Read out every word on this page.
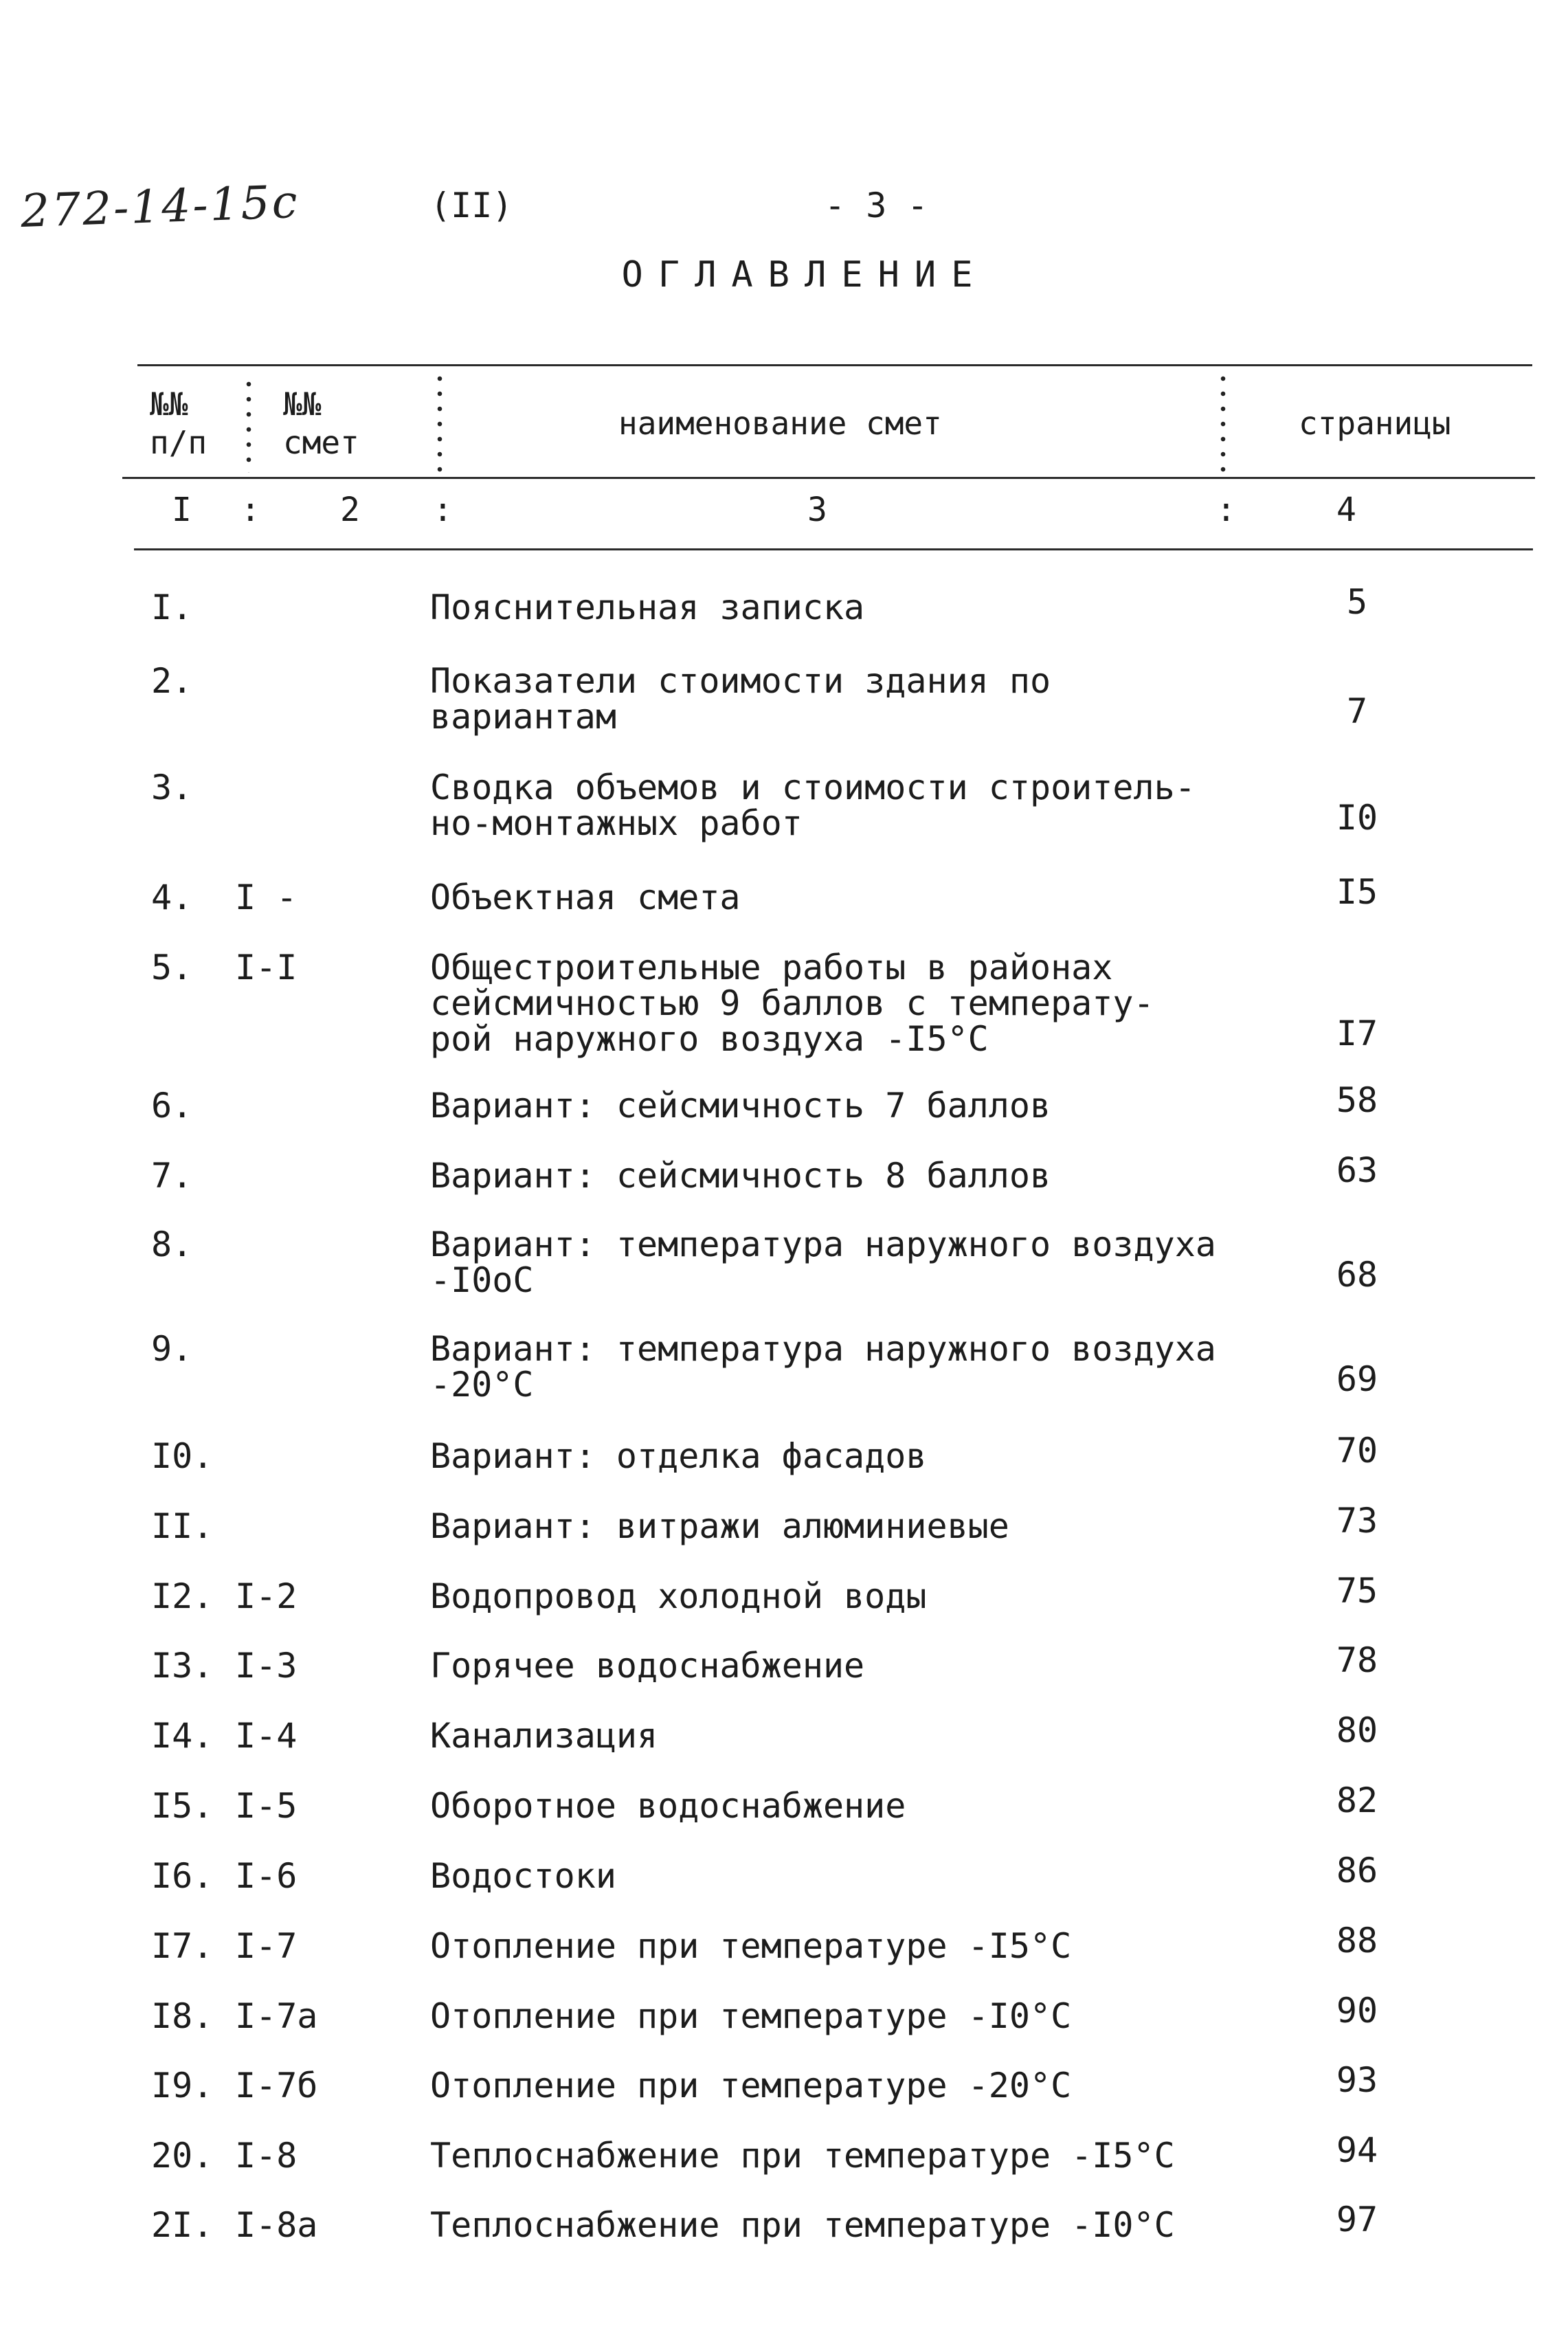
272-14-15с	(II)	- 3 -
ОГЛАВЛЕНИЕ
№№
п/п
№№
смет
наименование смет	страницы
I : 2 :	3	:	4
I.	Пояснительная записка	5
2.	Показатели стоимости здания по
вариантам	7
3.	Сводка объемов и стоимости строитель-
но-монтажных работ	I0
4. I -	Объектная смета	I5
5. I-I	Общестроительные работы в районах
сейсмичностью 9 баллов с температу-
рой наружного воздуха -I5°C	I7
6.	Вариант: сейсмичность 7 баллов	58
7.	Вариант: сейсмичность 8 баллов	63
8.	Вариант: температура наружного воздуха
-I0oC	68
9.	Вариант: температура наружного воздуха
-20°C	69
I0.	Вариант: отделка фасадов	70
II.	Вариант: витражи алюминиевые	73
I2. I-2	Водопровод холодной воды	75
I3. I-3	Горячее водоснабжение	78
I4. I-4	Канализация	80
I5. I-5	Оборотное водоснабжение	82
I6. I-6	Водостоки	86
I7. I-7	Отопление при температуре -I5°C	88
I8. I-7а	Отопление при температуре -I0°C	90
I9. I-7б	Отопление при температуре -20°C	93
20. I-8	Теплоснабжение при температуре -I5°C	94
2I. I-8а	Теплоснабжение при температуре -I0°C	97
